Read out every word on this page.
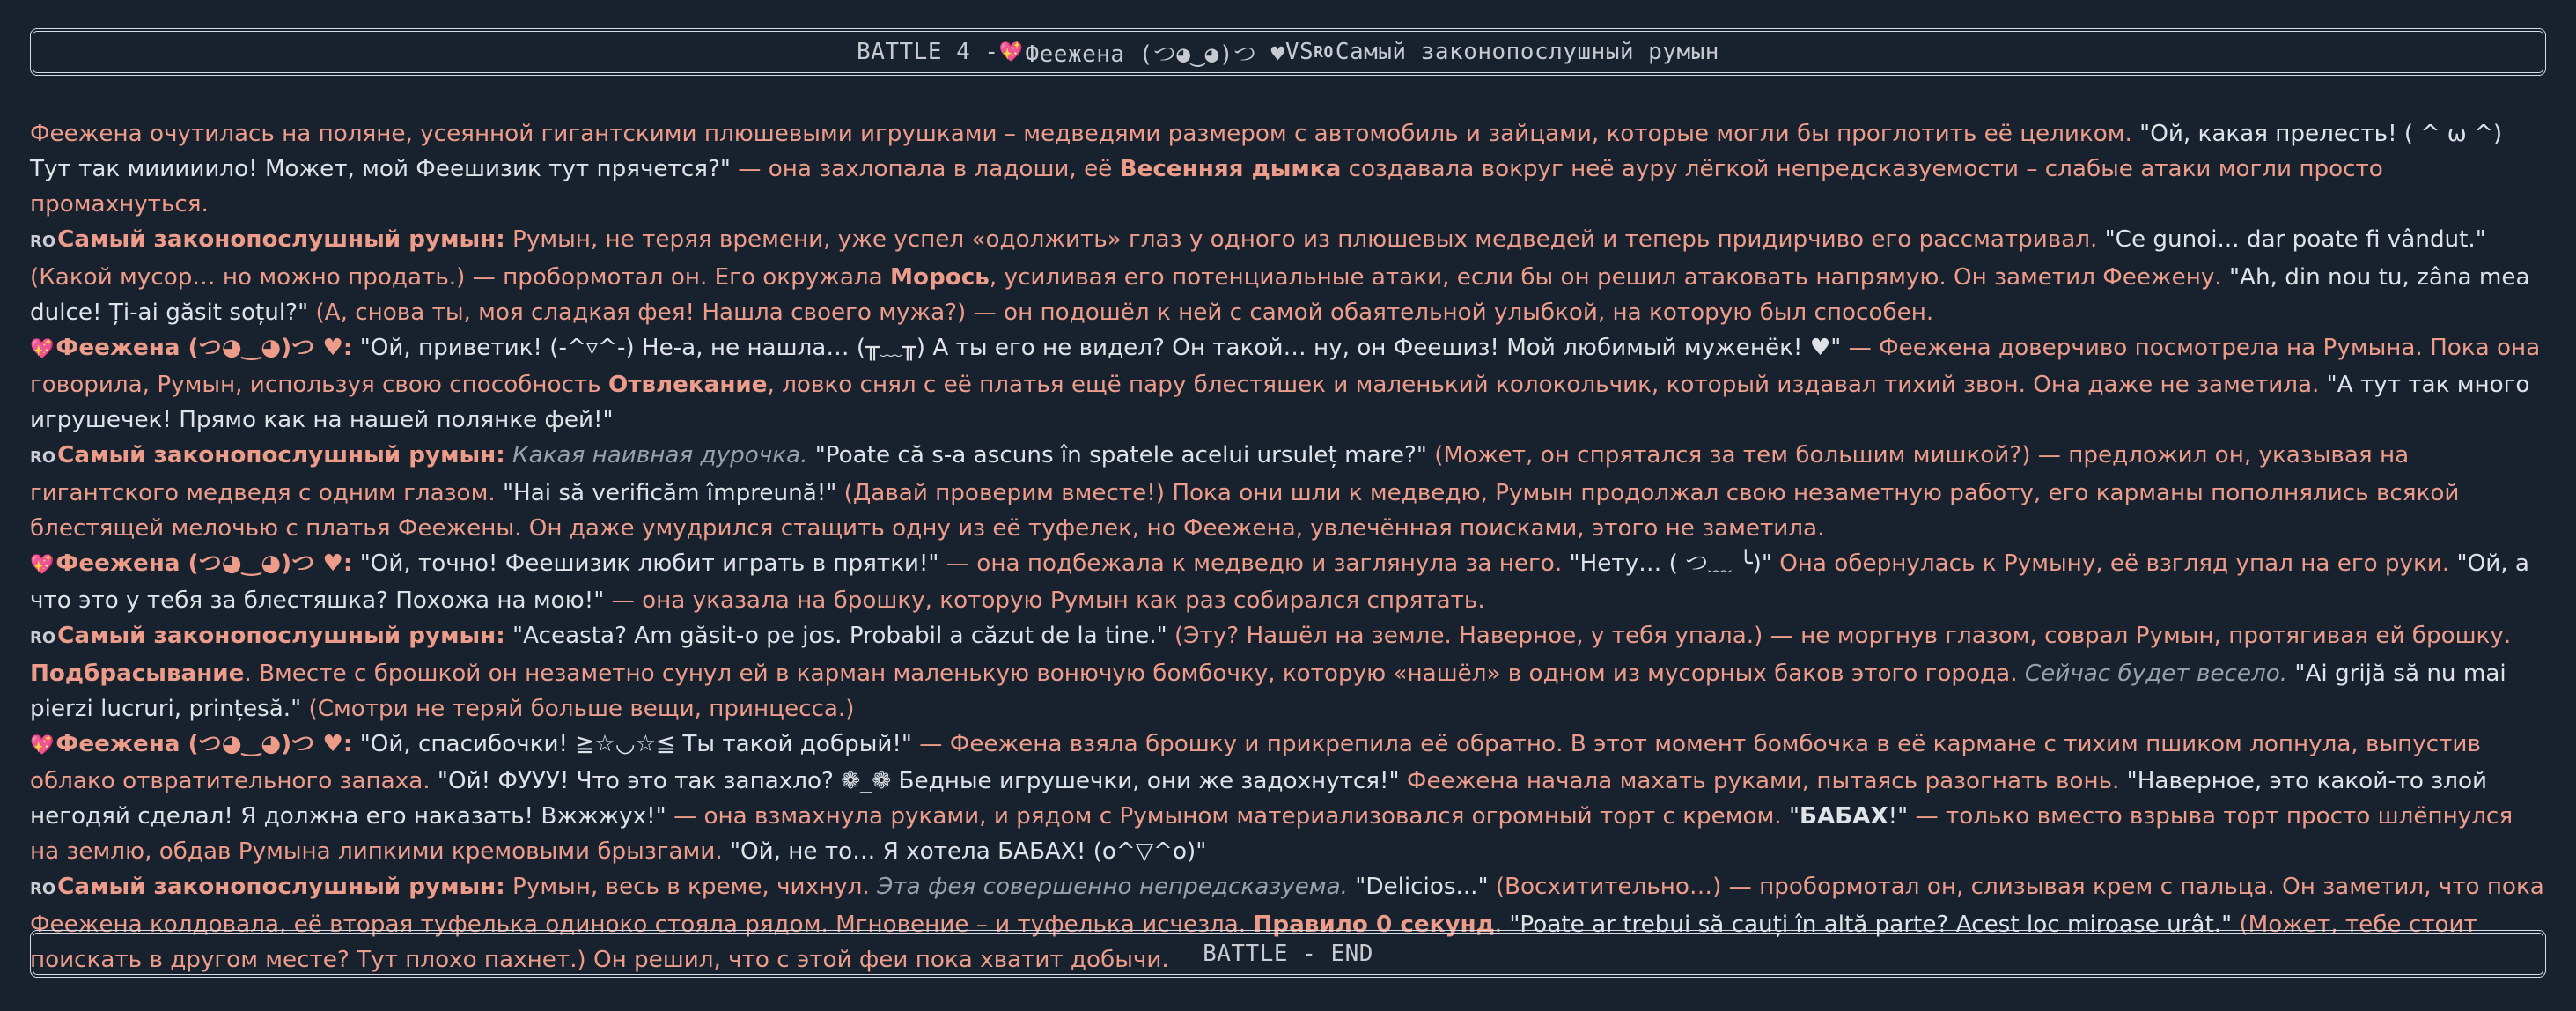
BATTLE 4 - 💖 Феежена (つ◕‿◕)つ ♥ VS RO Самый законопослушный румын

Феежена очутилась на поляне, усеянной гигантскими плюшевыми игрушками – медведями размером с автомобиль и зайцами, которые могли бы проглотить её целиком. "Ой, какая прелесть! ( ^ ω ^) Тут так мииииило! Может, мой Феешизик тут прячется?" — она захлопала в ладоши, её Весенняя дымка создавала вокруг неё ауру лёгкой непредсказуемости – слабые атаки могли просто промахнуться.

ROСамый законопослушный румын: Румын, не теряя времени, уже успел «одолжить» глаз у одного из плюшевых медведей и теперь придирчиво его рассматривал. "Ce gunoi... dar poate fi vândut." (Какой мусор… но можно продать.) — пробормотал он. Его окружала Морось, усиливая его потенциальные атаки, если бы он решил атаковать напрямую. Он заметил Феежену. "Ah, din nou tu, zâna mea dulce! Ți-ai găsit soțul?" (А, снова ты, моя сладкая фея! Нашла своего мужа?) — он подошёл к ней с самой обаятельной улыбкой, на которую был способен.

💖Феежена (つ◕‿◕)つ ♥: "Ой, приветик! (‐^▿^‐) Не-а, не нашла… (╥﹏╥) А ты его не видел? Он такой… ну, он Феешиз! Мой любимый муженёк! ♥" — Феежена доверчиво посмотрела на Румына. Пока она говорила, Румын, используя свою способность Отвлекание, ловко снял с её платья ещё пару блестяшек и маленький колокольчик, который издавал тихий звон. Она даже не заметила. "А тут так много игрушечек! Прямо как на нашей полянке фей!"

ROСамый законопослушный румын: Какая наивная дурочка. "Poate că s-a ascuns în spatele acelui ursuleț mare?" (Может, он спрятался за тем большим мишкой?) — предложил он, указывая на гигантского медведя с одним глазом. "Hai să verificăm împreună!" (Давай проверим вместе!) Пока они шли к медведю, Румын продолжал свою незаметную работу, его карманы пополнялись всякой блестящей мелочью с платья Феежены. Он даже умудрился стащить одну из её туфелек, но Феежена, увлечённая поисками, этого не заметила.

💖Феежена (つ◕‿◕)つ ♥: "Ой, точно! Феешизик любит играть в прятки!" — она подбежала к медведю и заглянула за него. "Нету… ( つ﹏ ╰)" Она обернулась к Румыну, её взгляд упал на его руки. "Ой, а что это у тебя за блестяшка? Похожа на мою!" — она указала на брошку, которую Румын как раз собирался спрятать.

ROСамый законопослушный румын: "Aceasta? Am găsit-o pe jos. Probabil a căzut de la tine." (Эту? Нашёл на земле. Наверное, у тебя упала.) — не моргнув глазом, соврал Румын, протягивая ей брошку. Подбрасывание. Вместе с брошкой он незаметно сунул ей в карман маленькую вонючую бомбочку, которую «нашёл» в одном из мусорных баков этого города. Сейчас будет весело. "Ai grijă să nu mai pierzi lucruri, prințesă." (Смотри не теряй больше вещи, принцесса.)

💖Феежена (つ◕‿◕)つ ♥: "Ой, спасибочки! ≧☆◡☆≦ Ты такой добрый!" — Феежена взяла брошку и прикрепила её обратно. В этот момент бомбочка в её кармане с тихим пшиком лопнула, выпустив облако отвратительного запаха. "Ой! ФУУУ! Что это так запахло? ❁_❁ Бедные игрушечки, они же задохнутся!" Феежена начала махать руками, пытаясь разогнать вонь. "Наверное, это какой-то злой негодяй сделал! Я должна его наказать! Вжжжух!" — она взмахнула руками, и рядом с Румыном материализовался огромный торт с кремом. "БАБАХ!" — только вместо взрыва торт просто шлёпнулся на землю, обдав Румына липкими кремовыми брызгами. "Ой, не то… Я хотела БАБАХ! (o^▽^o)"

ROСамый законопослушный румын: Румын, весь в креме, чихнул. Эта фея совершенно непредсказуема. "Delicios..." (Восхитительно…) — пробормотал он, слизывая крем с пальца. Он заметил, что пока Феежена колдовала, её вторая туфелька одиноко стояла рядом. Мгновение – и туфелька исчезла. Правило 0 секунд. "Poate ar trebui să cauți în altă parte? Acest loc miroase urât." (Может, тебе стоит поискать в другом месте? Тут плохо пахнет.) Он решил, что с этой феи пока хватит добычи.	BATTLE - END
